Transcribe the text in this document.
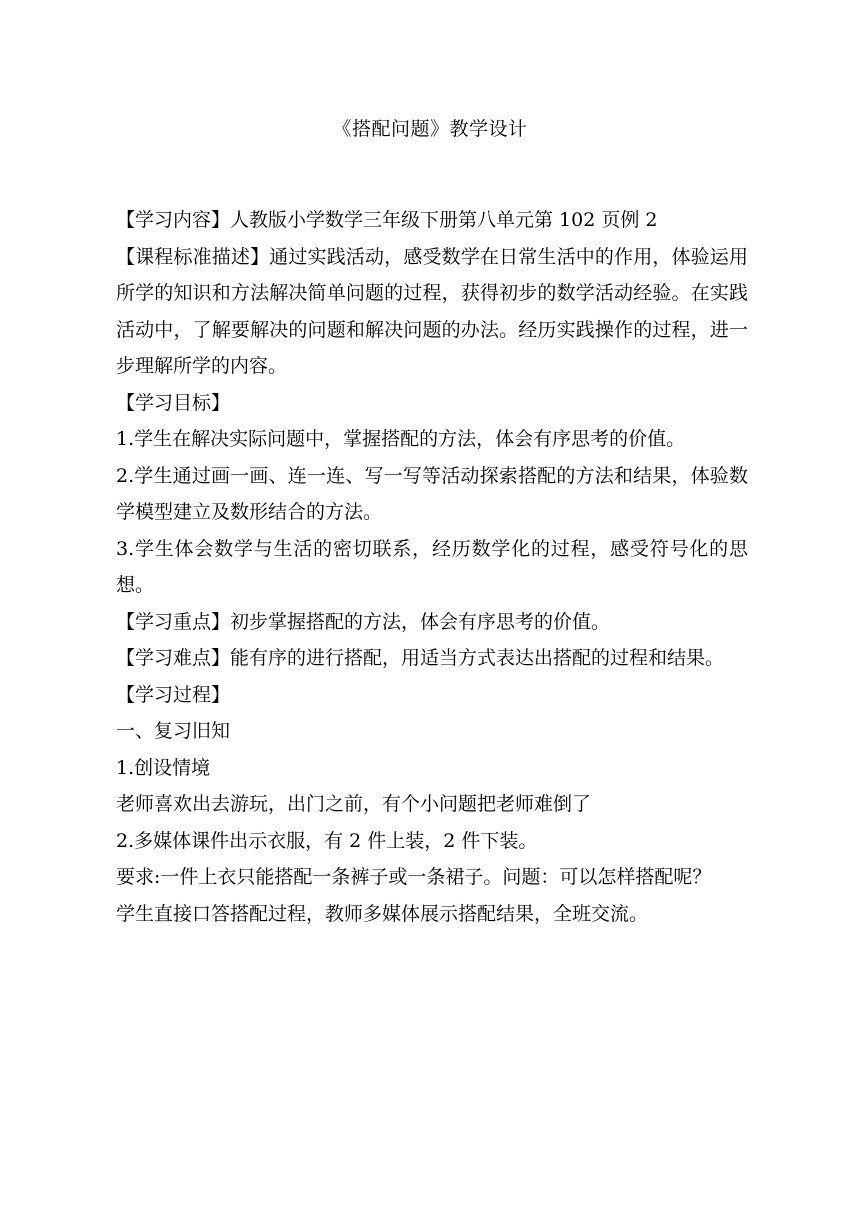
《搭配问题》教学设计

【学习内容】人教版小学数学三年级下册第八单元第 102 页例 2

【课程标准描述】通过实践活动，感受数学在日常生活中的作用，体验运用所学的知识和方法解决简单问题的过程，获得初步的数学活动经验。在实践活动中，了解要解决的问题和解决问题的办法。经历实践操作的过程，进一步理解所学的内容。

【学习目标】

1.学生在解决实际问题中，掌握搭配的方法，体会有序思考的价值。

2.学生通过画一画、连一连、写一写等活动探索搭配的方法和结果，体验数学模型建立及数形结合的方法。

3.学生体会数学与生活的密切联系，经历数学化的过程，感受符号化的思想。

【学习重点】初步掌握搭配的方法，体会有序思考的价值。

【学习难点】能有序的进行搭配，用适当方式表达出搭配的过程和结果。

【学习过程】

一、复习旧知

1.创设情境

老师喜欢出去游玩，出门之前，有个小问题把老师难倒了

2.多媒体课件出示衣服，有 2 件上装，2 件下装。

要求:一件上衣只能搭配一条裤子或一条裙子。问题：可以怎样搭配呢？

学生直接口答搭配过程，教师多媒体展示搭配结果，全班交流。
